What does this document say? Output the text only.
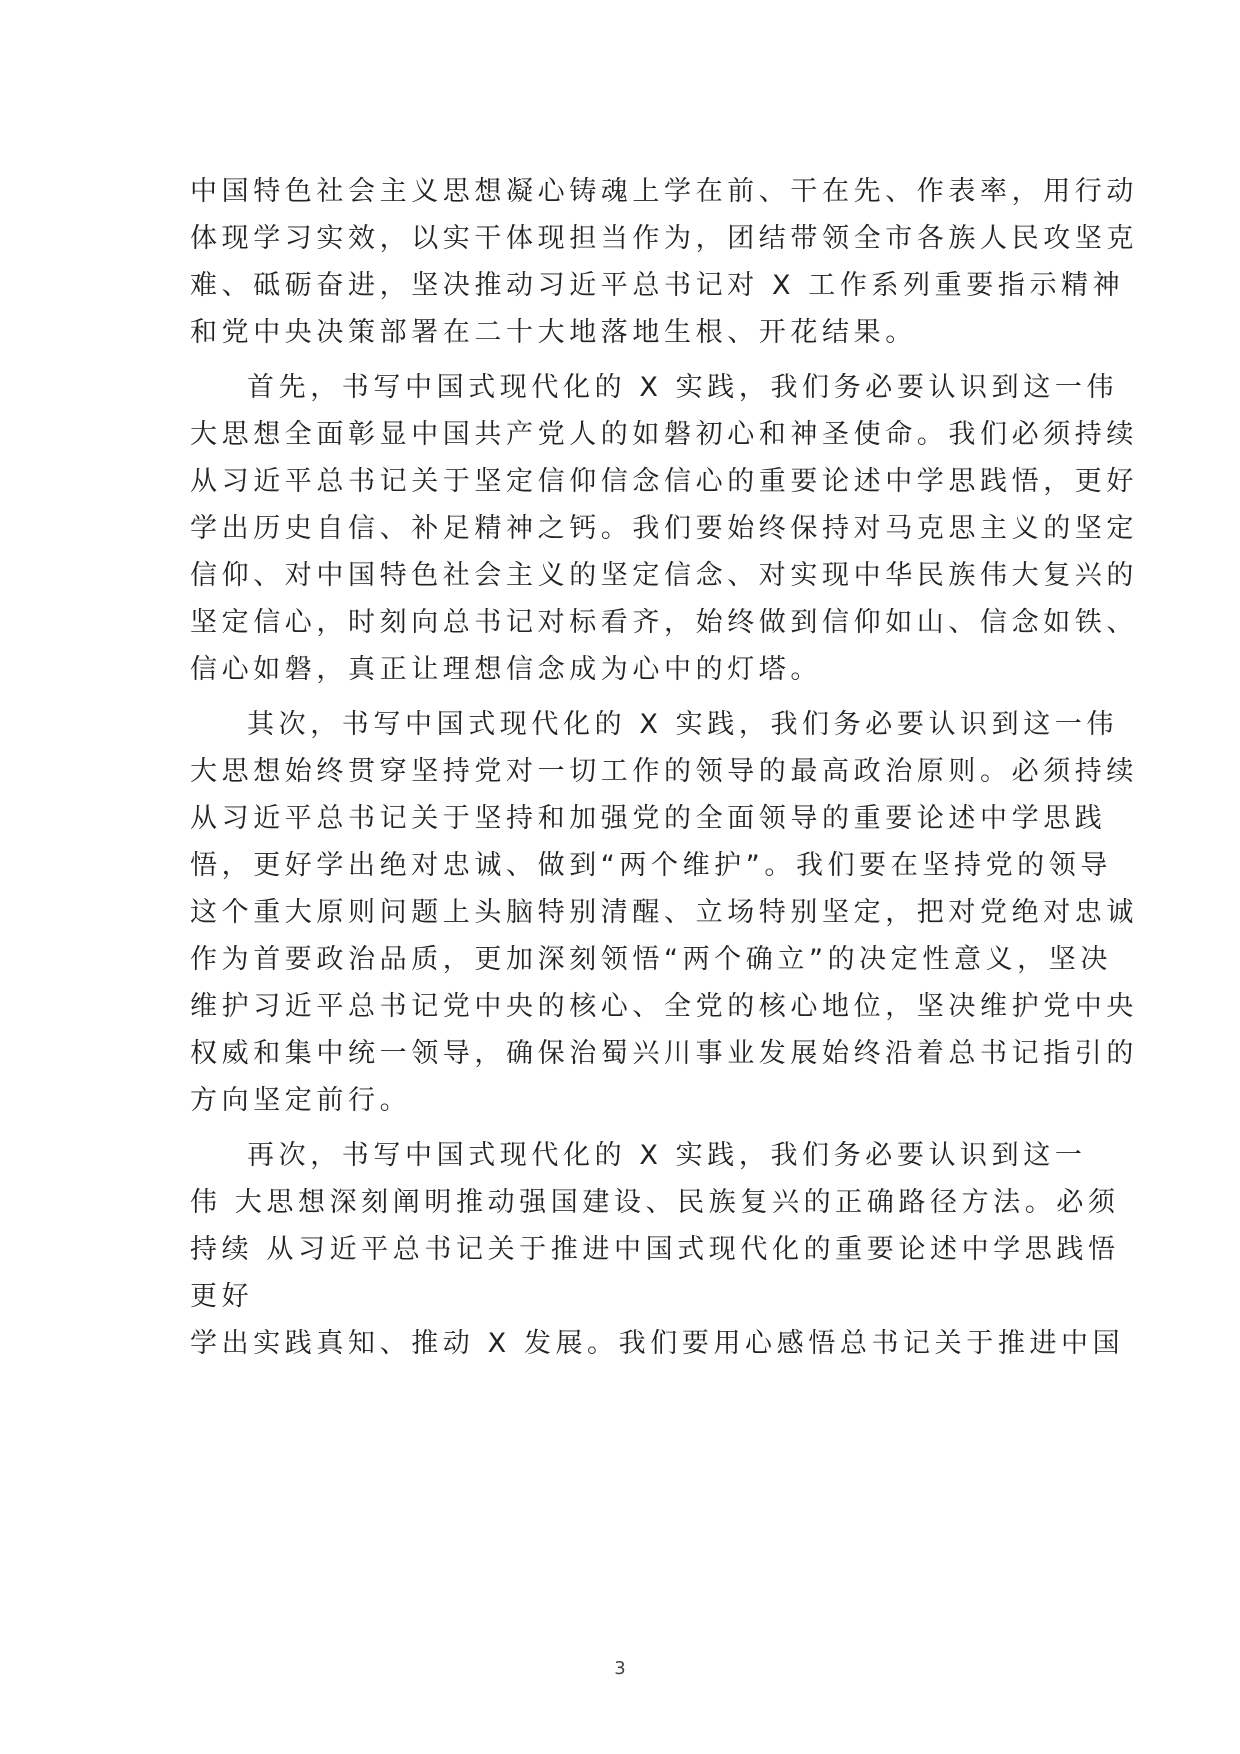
中国特色社会主义思想凝心铸魂上学在前、干在先、作表率，用行动
体现学习实效，以实干体现担当作为，团结带领全市各族人民攻坚克
难、砥砺奋进，坚决推动习近平总书记对 X 工作系列重要指示精神
和党中央决策部署在二十大地落地生根、开花结果。
首先，书写中国式现代化的 X 实践，我们务必要认识到这一伟
大思想全面彰显中国共产党人的如磐初心和神圣使命。我们必须持续
从习近平总书记关于坚定信仰信念信心的重要论述中学思践悟，更好
学出历史自信、补足精神之钙。我们要始终保持对马克思主义的坚定
信仰、对中国特色社会主义的坚定信念、对实现中华民族伟大复兴的
坚定信心，时刻向总书记对标看齐，始终做到信仰如山、信念如铁、
信心如磐，真正让理想信念成为心中的灯塔。
其次，书写中国式现代化的 X 实践，我们务必要认识到这一伟
大思想始终贯穿坚持党对一切工作的领导的最高政治原则。必须持续
从习近平总书记关于坚持和加强党的全面领导的重要论述中学思践
悟，更好学出绝对忠诚、做到“两个维护”。我们要在坚持党的领导
这个重大原则问题上头脑特别清醒、立场特别坚定，把对党绝对忠诚
作为首要政治品质，更加深刻领悟“两个确立”的决定性意义，坚决
维护习近平总书记党中央的核心、全党的核心地位，坚决维护党中央
权威和集中统一领导，确保治蜀兴川事业发展始终沿着总书记指引的
方向坚定前行。
再次，书写中国式现代化的 X 实践，我们务必要认识到这一
伟 大思想深刻阐明推动强国建设、民族复兴的正确路径方法。必须
持续 从习近平总书记关于推进中国式现代化的重要论述中学思践悟
更好
学出实践真知、推动 X 发展。我们要用心感悟总书记关于推进中国
3
